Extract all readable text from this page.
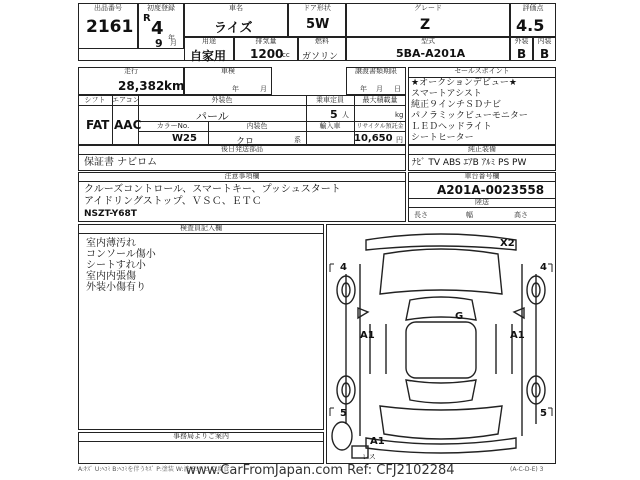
出品番号
2161
初度登録
R 4 年
9 月
車名
ライズ
ドア形状
5W
グレード
Z
評価点
4.5
用途
自家用
排気量
1200
cc
燃料
ガソリン
型式
5BA-A201A
外装
B
内装
B
走行
28,382 km
車検
年	月
譲渡書類期限
年 月 日
シフト
FAT
エアコン
AAC
外装色
パール
乗車定員
5 人
最大積載量
kg
カラーNo.
W25
内装色
クロ	系
輸入車	リサイクル預託金
10,650 円
セールスポイント
★オークションデビュー★
スマートアシスト
純正９インチＳＤナビ
パノラミックビューモニター
ＬＥＤヘッドライト
シートヒーター
後日発送部品
保証書 ナビロム
純正装備
ﾅﾋﾞ TV ABS ｴｱB ｱﾙﾐ PS PW
注意事項欄
クルーズコントロール、スマートキー、プッシュスタート
アイドリングストップ、ＶＳＣ、ＥＴＣ
NSZT-Y68T
車台番号欄
A201A-0023558
陸送
長さ	幅	高さ
検査員記入欄
室内薄汚れ
コンソール傷小
シートすれ小
室内内張傷
外装小傷有り
事務局よりご案内
X2
4	4
G
A1	A1
5	5
A1
レス
A:ｷｽﾞ U:ﾍｺﾐ B:ﾍｺﾐを伴うｷｽﾞ P:塗装 W:波 S:サビ C:腐食
www.CarFromJapan.com Ref: CFJ2102284	(A-C-D-E) 3
